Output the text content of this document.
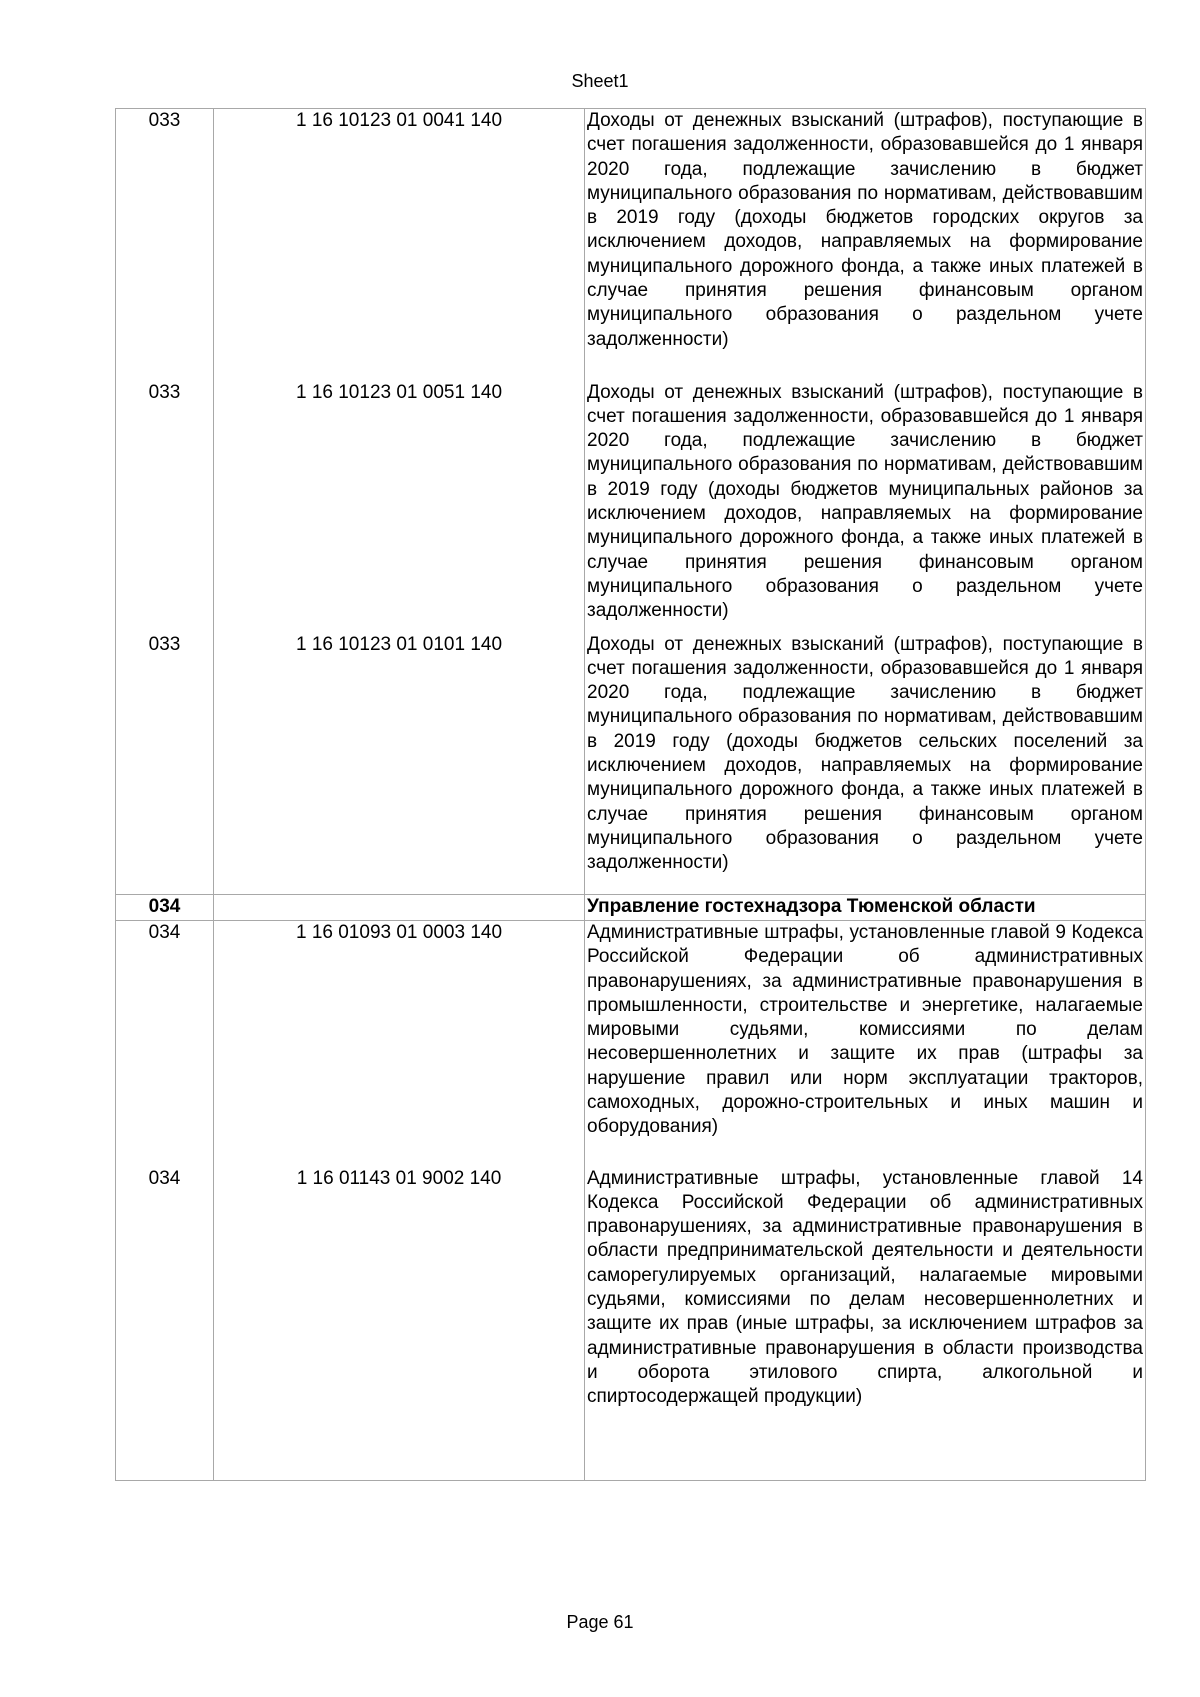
Sheet1
033	1 16 10123 01 0041 140	Доходы от денежных взысканий (штрафов), поступающие в счет погашения задолженности, образовавшейся до 1 января 2020 года, подлежащие зачислению в бюджет муниципального образования по нормативам, действовавшим в 2019 году (доходы бюджетов городских округов за исключением доходов, направляемых на формирование муниципального дорожного фонда, а также иных платежей в случае принятия решения финансовым органом муниципального образования о раздельном учете задолженности)
033	1 16 10123 01 0051 140	Доходы от денежных взысканий (штрафов), поступающие в счет погашения задолженности, образовавшейся до 1 января 2020 года, подлежащие зачислению в бюджет муниципального образования по нормативам, действовавшим в 2019 году (доходы бюджетов муниципальных районов за исключением доходов, направляемых на формирование муниципального дорожного фонда, а также иных платежей в случае принятия решения финансовым органом муниципального образования о раздельном учете задолженности)
033	1 16 10123 01 0101 140	Доходы от денежных взысканий (штрафов), поступающие в счет погашения задолженности, образовавшейся до 1 января 2020 года, подлежащие зачислению в бюджет муниципального образования по нормативам, действовавшим в 2019 году (доходы бюджетов сельских поселений за исключением доходов, направляемых на формирование муниципального дорожного фонда, а также иных платежей в случае принятия решения финансовым органом муниципального образования о раздельном учете задолженности)
034		Управление гостехнадзора Тюменской области
034	1 16 01093 01 0003 140	Административные штрафы, установленные главой 9 Кодекса Российской Федерации об административных правонарушениях, за административные правонарушения в промышленности, строительстве и энергетике, налагаемые мировыми судьями, комиссиями по делам несовершеннолетних и защите их прав (штрафы за нарушение правил или норм эксплуатации тракторов, самоходных, дорожно-строительных и иных машин и оборудования)
034	1 16 01143 01 9002 140	Административные штрафы, установленные главой 14 Кодекса Российской Федерации об административных правонарушениях, за административные правонарушения в области предпринимательской деятельности и деятельности саморегулируемых организаций, налагаемые мировыми судьями, комиссиями по делам несовершеннолетних и защите их прав (иные штрафы, за исключением штрафов за административные правонарушения в области производства и оборота этилового спирта, алкогольной и спиртосодержащей продукции)
Page 61
